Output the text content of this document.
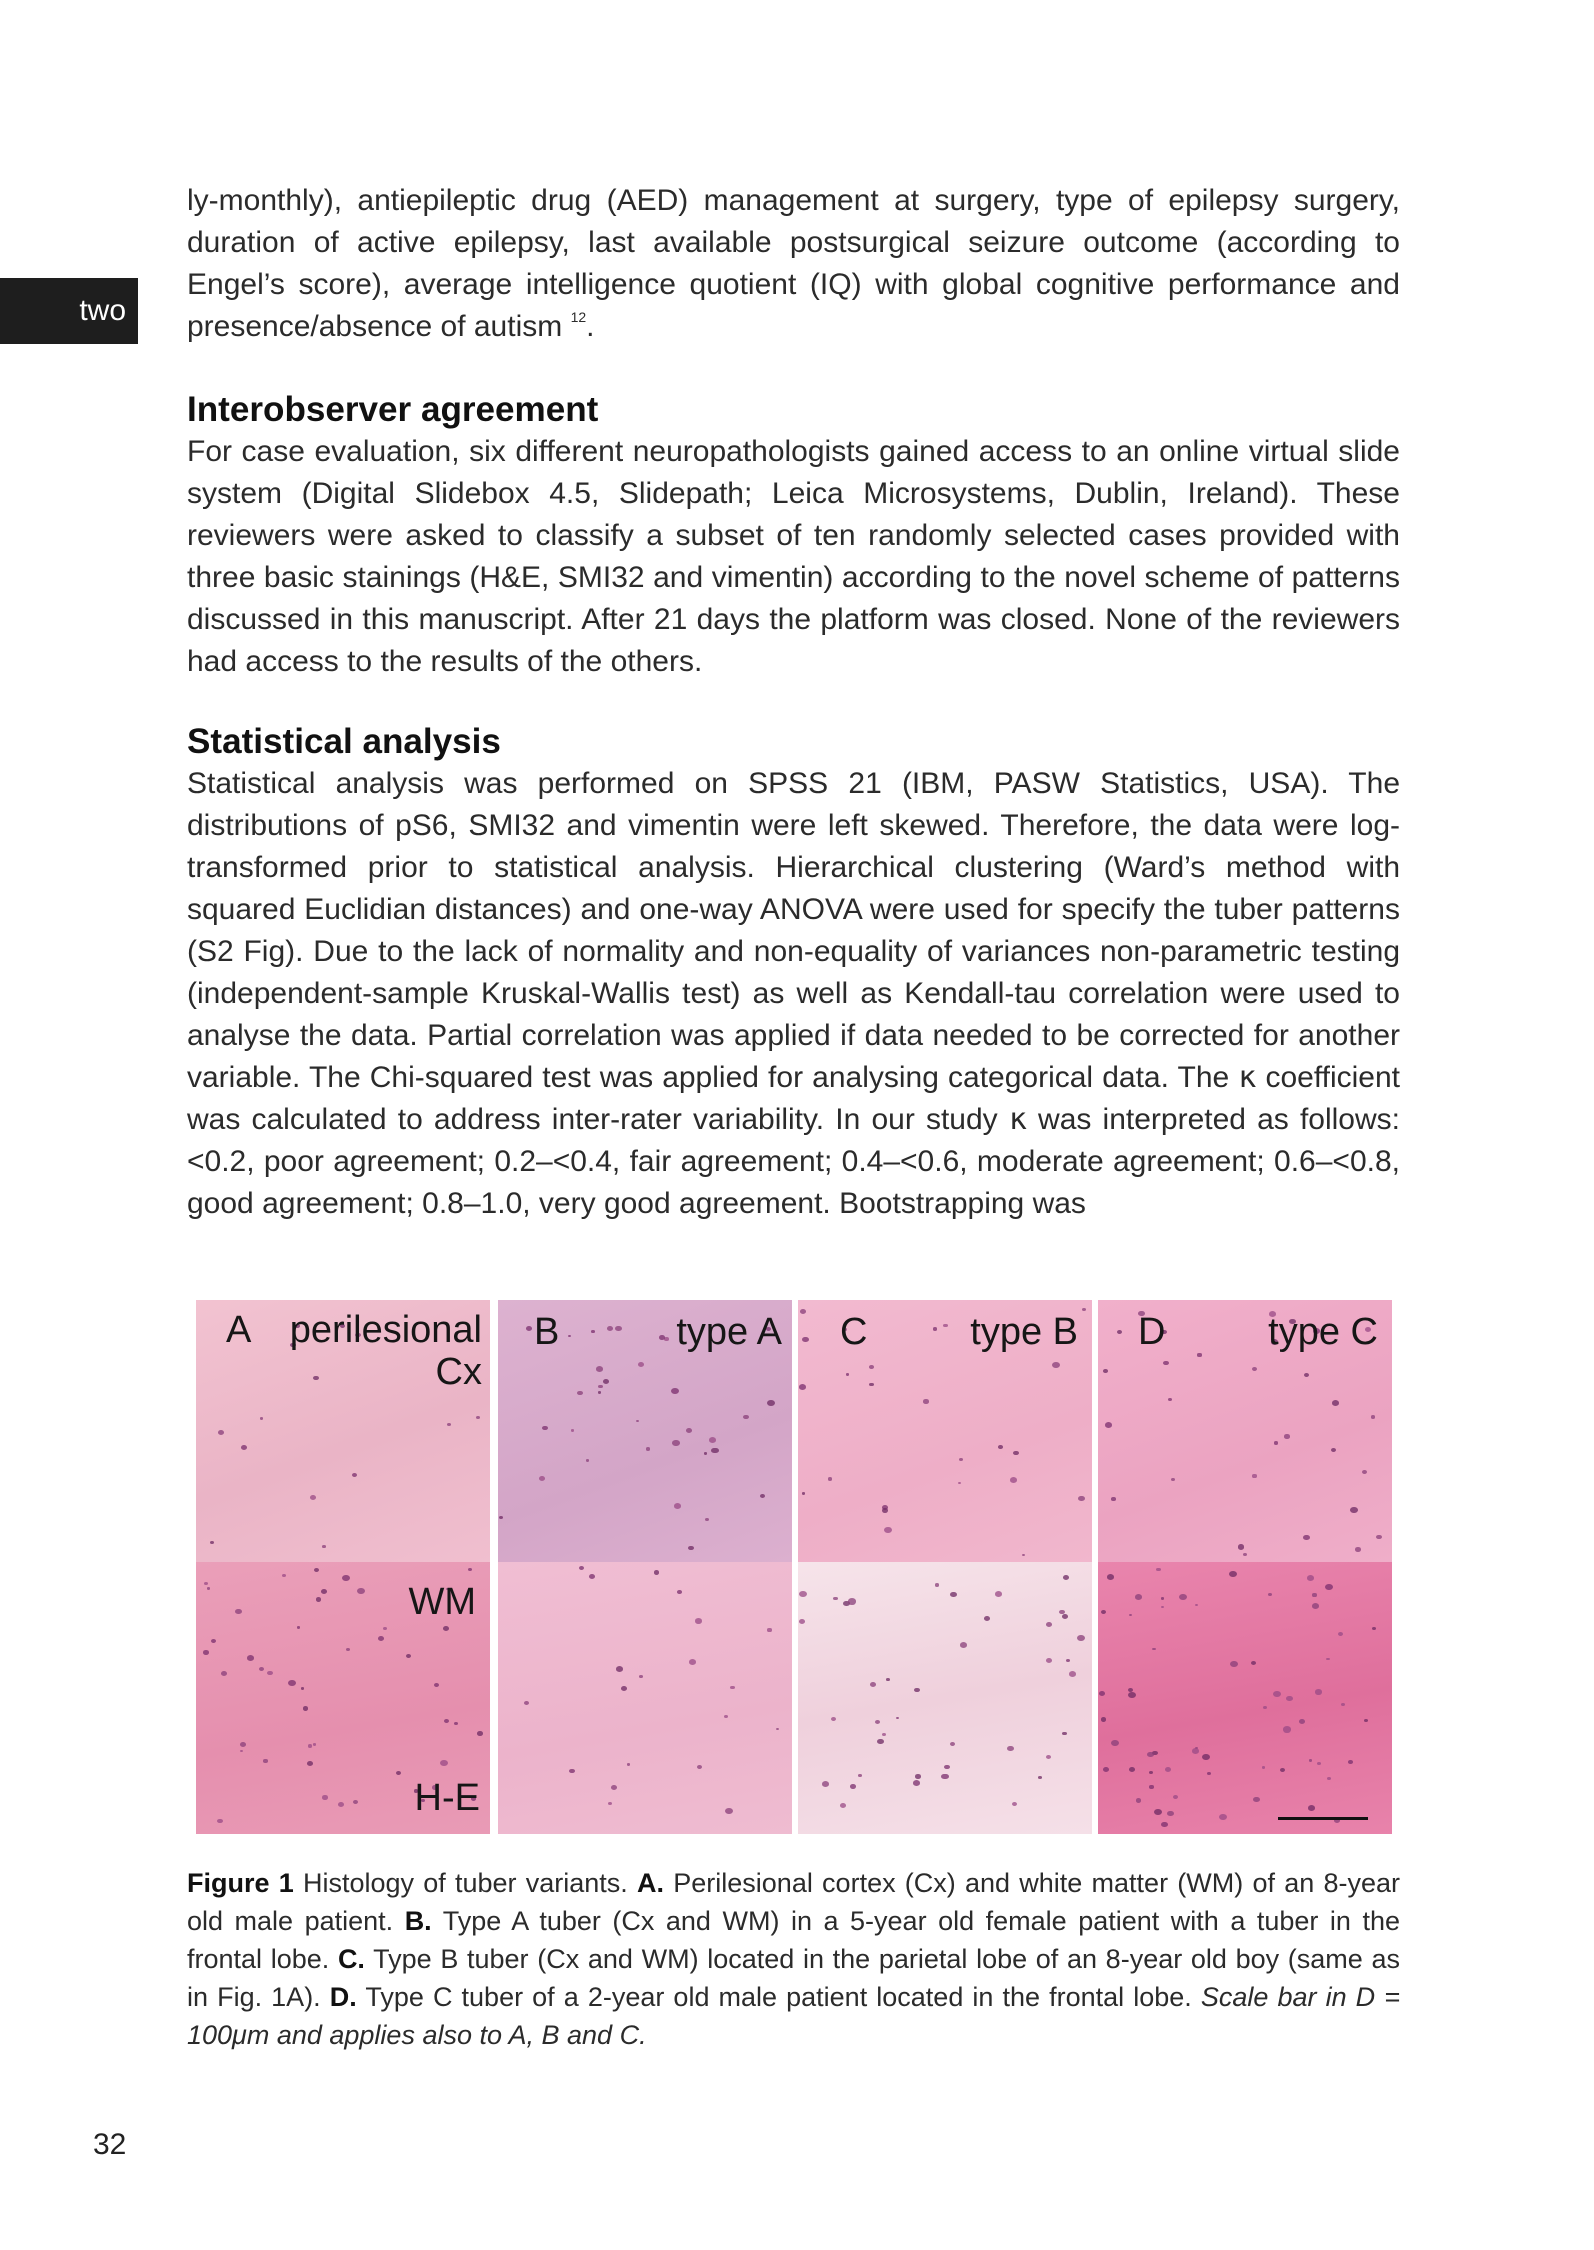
two

ly-monthly), antiepileptic drug (AED) management at surgery, type of epilepsy surgery, duration of active epilepsy, last available postsurgical seizure outcome (according to Engel’s score), average intelligence quotient (IQ) with global cognitive performance and presence/absence of autism $^{12}$.

Interobserver agreement

For case evaluation, six different neuropathologists gained access to an online virtual slide system (Digital Slidebox 4.5, Slidepath; Leica Microsystems, Dublin, Ireland). These reviewers were asked to classify a subset of ten randomly selected cases provided with three basic stainings (H&E, SMI32 and vimentin) according to the novel scheme of patterns discussed in this manuscript. After 21 days the platform was closed. None of the reviewers had access to the results of the others.

Statistical analysis

Statistical analysis was performed on SPSS 21 (IBM, PASW Statistics, USA). The distributions of pS6, SMI32 and vimentin were left skewed. Therefore, the data were log-transformed prior to statistical analysis. Hierarchical clustering (Ward’s method with squared Euclidian distances) and one-way ANOVA were used for specify the tuber patterns (S2 Fig). Due to the lack of normality and non-equality of variances non-parametric testing (independent-sample Kruskal-Wallis test) as well as Kendall-tau correlation were used to analyse the data. Partial correlation was applied if data needed to be corrected for another variable. The Chi-squared test was applied for analysing categorical data. The κ coefficient was calculated to address inter-rater variability. In our study κ was interpreted as follows: <0.2, poor agreement; 0.2–<0.4, fair agreement; 0.4–<0.6, moderate agreement; 0.6–<0.8, good agreement; 0.8–1.0, very good agreement. Bootstrapping was

A perilesional
Cx
WM
H-E
B	type A C	type B D	type C

Figure 1 Histology of tuber variants. A. Perilesional cortex (Cx) and white matter (WM) of an 8-year old male patient. B. Type A tuber (Cx and WM) in a 5-year old female patient with a tuber in the frontal lobe. C. Type B tuber (Cx and WM) located in the parietal lobe of an 8-year old boy (same as in Fig. 1A). D. Type C tuber of a 2-year old male patient located in the frontal lobe. Scale bar in D = 100μm and applies also to A, B and C.

32
